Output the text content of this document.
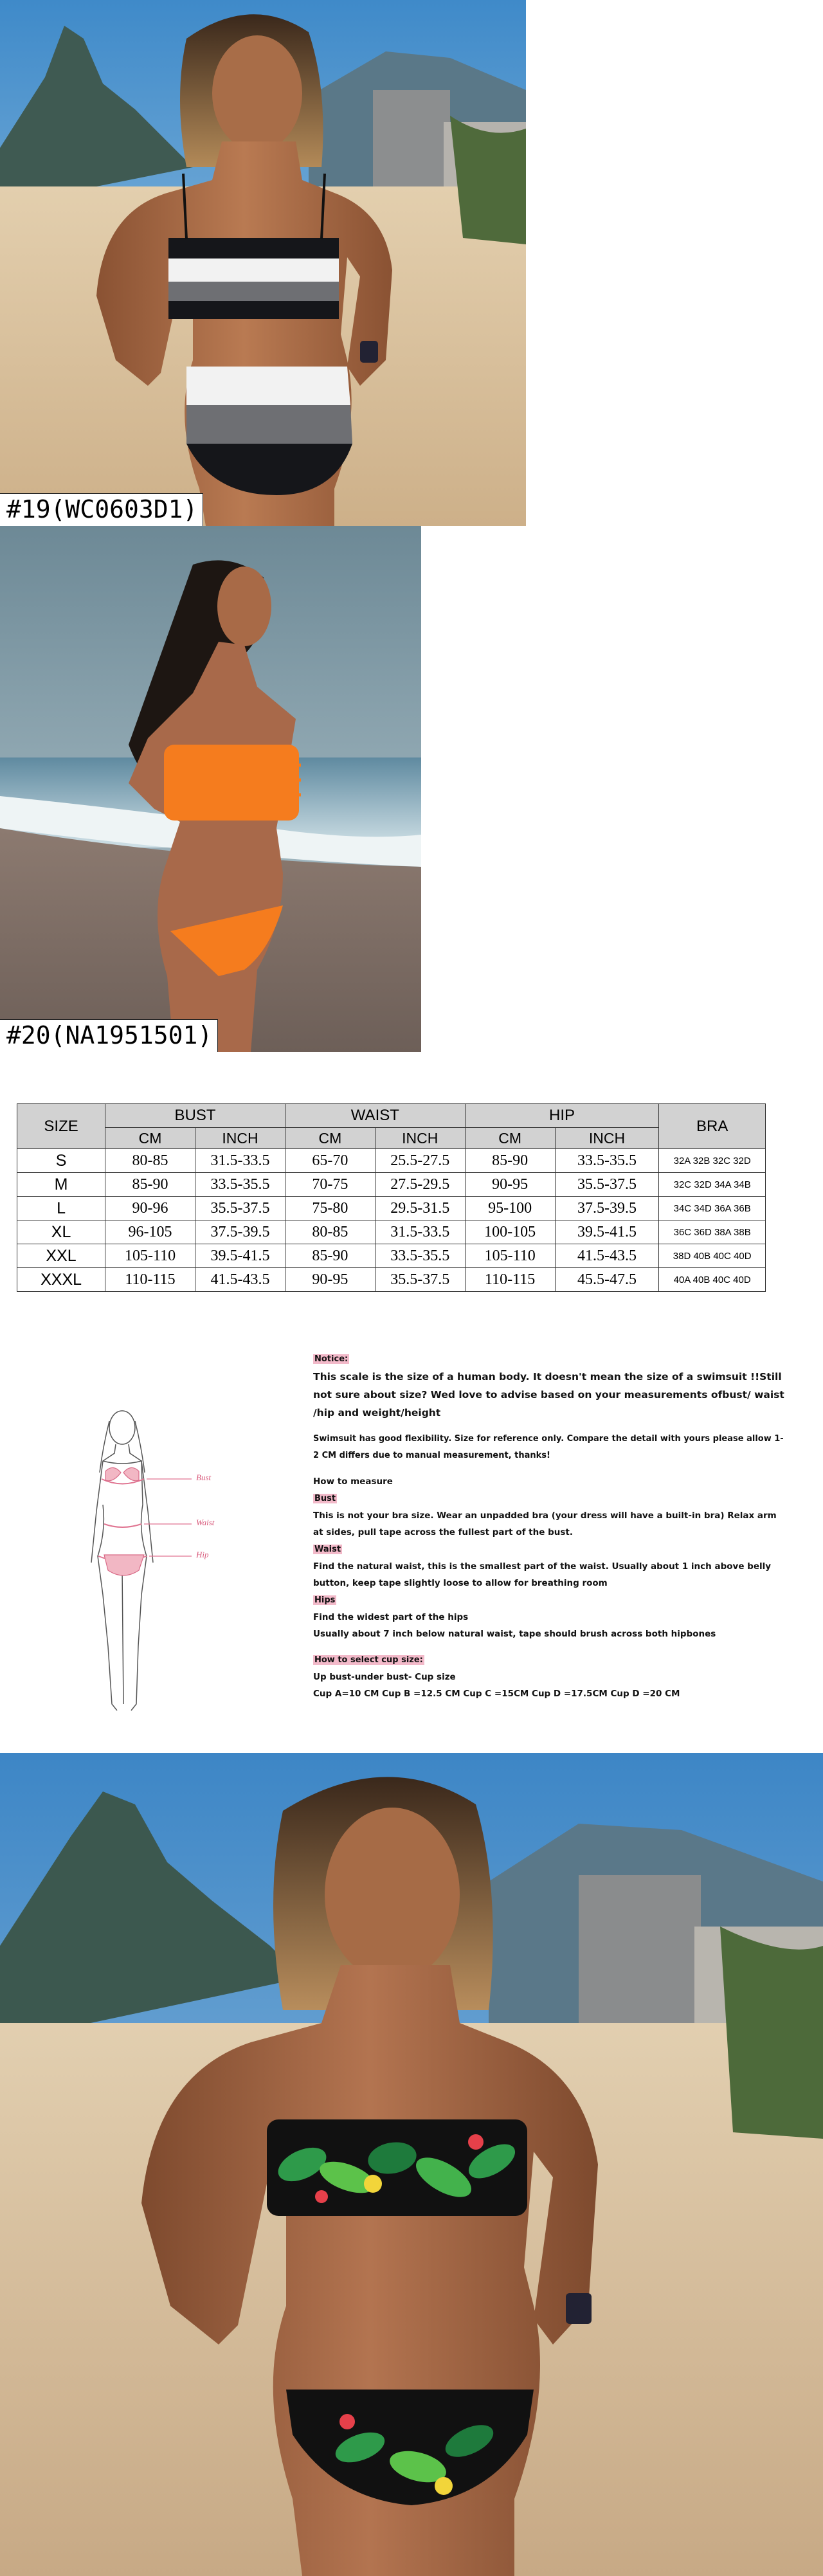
#19(WC0603D1)
#20(NA1951501)
SIZE	BUST		WAIST		HIP		BRA
	CM	INCH	CM	INCH	CM	INCH	
S	80-85	31.5-33.5	65-70	25.5-27.5	85-90	33.5-35.5	32A 32B 32C 32D
M	85-90	33.5-35.5	70-75	27.5-29.5	90-95	35.5-37.5	32C 32D 34A 34B
L	90-96	35.5-37.5	75-80	29.5-31.5	95-100	37.5-39.5	34C 34D 36A 36B
XL	96-105	37.5-39.5	80-85	31.5-33.5	100-105	39.5-41.5	36C 36D 38A 38B
XXL	105-110	39.5-41.5	85-90	33.5-35.5	105-110	41.5-43.5	38D 40B 40C 40D
XXXL	110-115	41.5-43.5	90-95	35.5-37.5	110-115	45.5-47.5	40A 40B 40C 40D
Bust
Waist
Hip

Notice:

This scale is the size of a human body. It doesn't mean the size of a swimsuit !!Still not sure about size? Wed love to advise based on your measurements ofbust/ waist /hip and weight/height

Swimsuit has good flexibility. Size for reference only. Compare the detail with yours please allow 1-2 CM differs due to manual measurement, thanks!

How to measure

Bust

This is not your bra size. Wear an unpadded bra (your dress will have a built-in bra) Relax arm at sides, pull tape across the fullest part of the bust.

Waist

Find the natural waist, this is the smallest part of the waist. Usually about 1 inch above belly button, keep tape slightly loose to allow for breathing room

Hips

Find the widest part of the hips

Usually about 7 inch below natural waist, tape should brush across both hipbones

How to select cup size:

Up bust-under bust- Cup size

Cup A=10 CM Cup B =12.5 CM Cup C =15CM Cup D =17.5CM Cup D =20 CM
